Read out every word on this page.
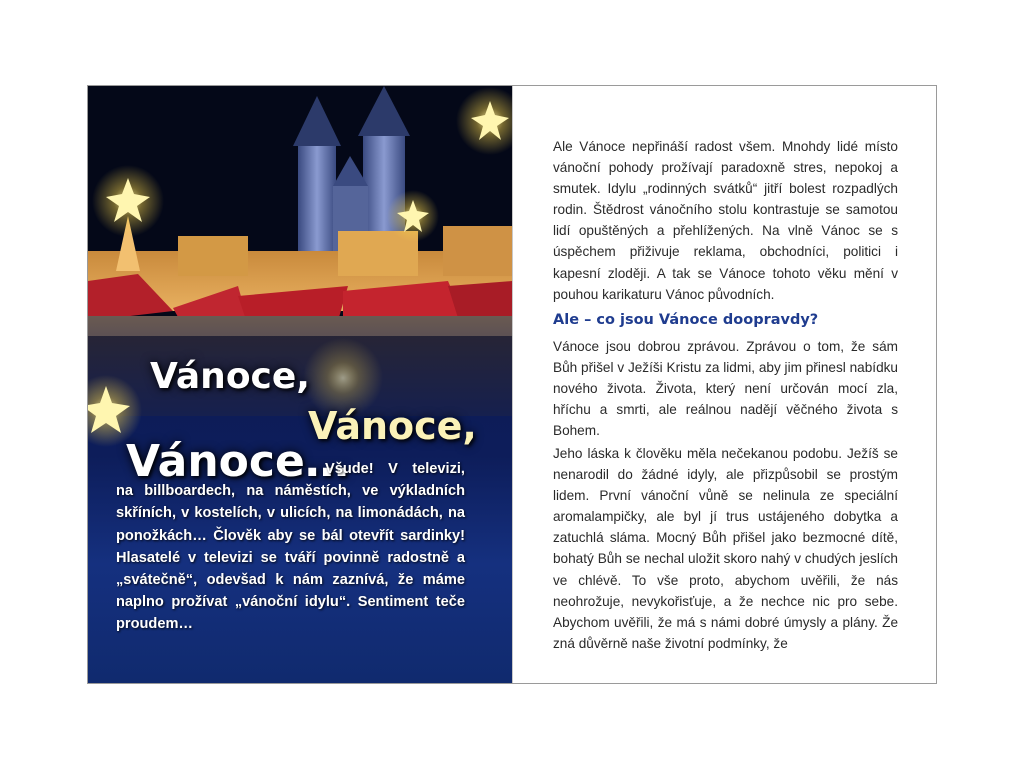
Vánoce,
Vánoce,
Vánoce…
Všude! V televizi, na billboardech, na náměstích, ve výkladních skříních, v kostelích, v ulicích, na limonádách, na ponožkách… Člověk aby se bál otevřít sardinky! Hlasatelé v televizi se tváří povinně radostně a „svátečně“, odevšad k nám zaznívá, že máme naplno prožívat „vánoční idylu“. Sentiment teče proudem…

Ale Vánoce nepřináší radost všem. Mnohdy lidé místo vánoční pohody prožívají paradoxně stres, nepokoj a smutek. Idylu „rodinných svátků“ jitří bolest rozpadlých rodin. Štědrost vánočního stolu kontrastuje se samotou lidí opuštěných a přehlížených. Na vlně Vánoc se s úspěchem přiživuje reklama, obchodníci, politici i kapesní zloději. A tak se Vánoce tohoto věku mění v pouhou karikaturu Vánoc původních.

Ale – co jsou Vánoce doopravdy?

Vánoce jsou dobrou zprávou. Zprávou o tom, že sám Bůh přišel v Ježíši Kristu za lidmi, aby jim přinesl nabídku nového života. Života, který není určován mocí zla, hříchu a smrti, ale reálnou nadějí věčného života s Bohem.

Jeho láska k člověku měla nečekanou podobu. Ježíš se nenarodil do žádné idyly, ale přizpůsobil se prostým lidem. První vánoční vůně se nelinula ze speciální aromalampičky, ale byl jí trus ustájeného dobytka a zatuchlá sláma. Mocný Bůh přišel jako bezmocné dítě, bohatý Bůh se nechal uložit skoro nahý v chudých jeslích ve chlévě. To vše proto, abychom uvěřili, že nás neohrožuje, nevykořisťuje, a že nechce nic pro sebe. Abychom uvěřili, že má s námi dobré úmysly a plány. Že zná důvěrně naše životní podmínky, že
